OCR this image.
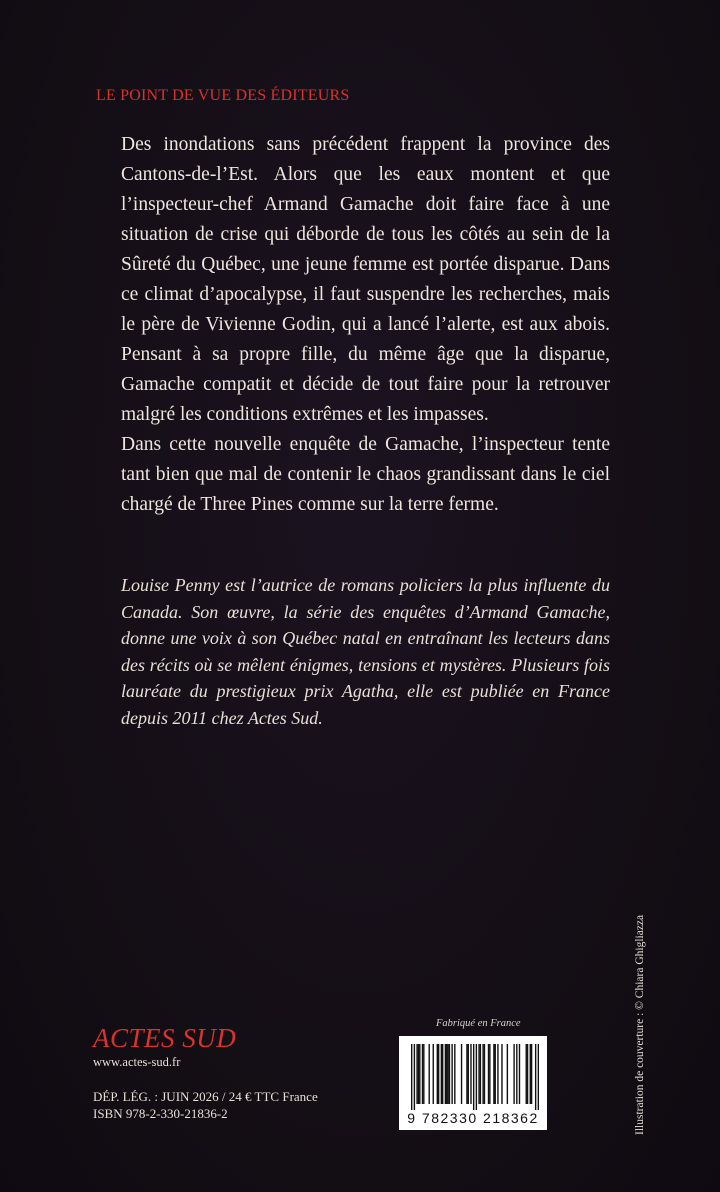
LE POINT DE VUE DES ÉDITEURS

Des inondations sans précédent frappent la province des Cantons-de-l’Est. Alors que les eaux montent et que l’inspecteur-chef Armand Gamache doit faire face à une situation de crise qui déborde de tous les côtés au sein de la Sûreté du Québec, une jeune femme est portée disparue. Dans ce climat d’apocalypse, il faut suspendre les recherches, mais le père de Vivienne Godin, qui a lancé l’alerte, est aux abois. Pensant à sa propre fille, du même âge que la disparue, Gamache compatit et décide de tout faire pour la retrouver malgré les conditions extrêmes et les impasses.

Dans cette nouvelle enquête de Gamache, l’inspecteur tente tant bien que mal de contenir le chaos grandissant dans le ciel chargé de Three Pines comme sur la terre ferme.

Louise Penny est l’autrice de romans policiers la plus influente du Canada. Son œuvre, la série des enquêtes d’Armand Gamache, donne une voix à son Québec natal en entraînant les lecteurs dans des récits où se mêlent énigmes, tensions et mystères. Plusieurs fois lauréate du prestigieux prix Agatha, elle est publiée en France depuis 2011 chez Actes Sud.

ACTES SUD
www.actes-sud.fr
DÉP. LÉG. : JUIN 2026 / 24 € TTC France
ISBN 978-2-330-21836-2
Fabriqué en France
9 782330 218362	Illustration de couverture : © Chiara Ghigliazza
